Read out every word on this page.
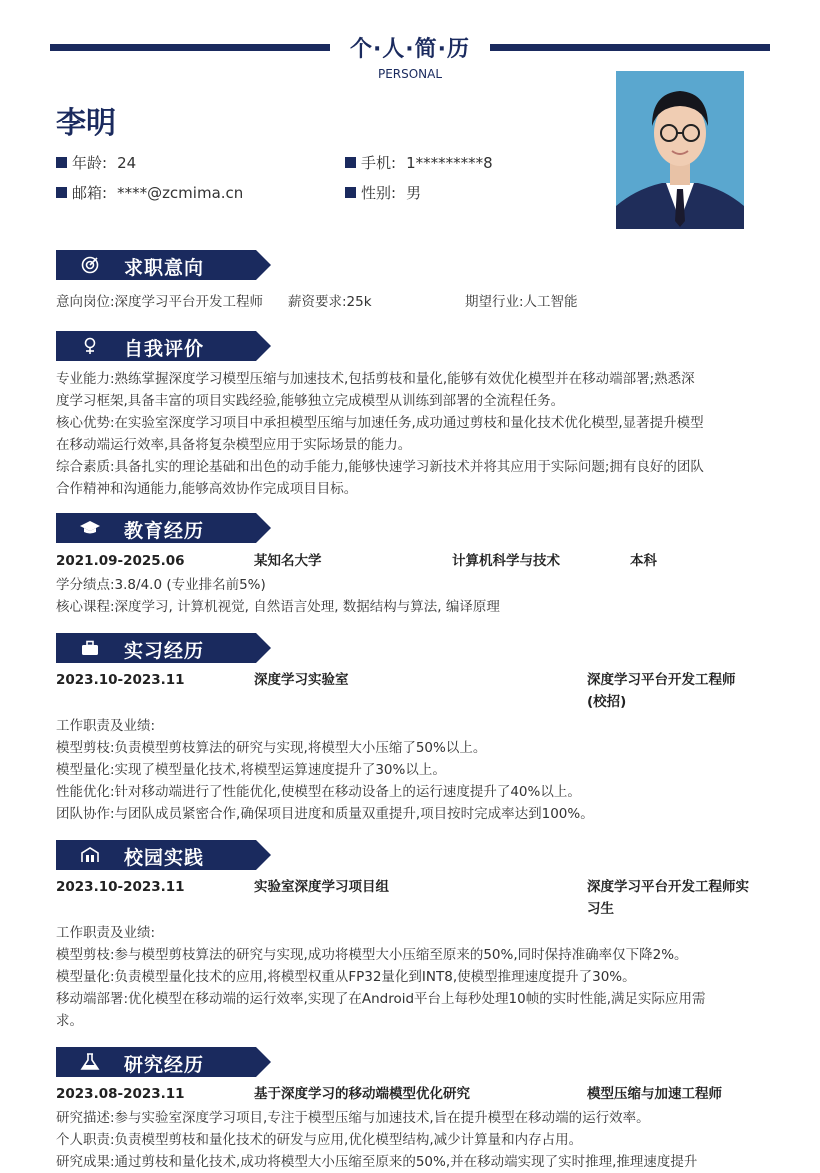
个·人·简·历
PERSONAL
李明
年龄: 24	手机: 1*********8
邮箱: ****@zcmima.cn	性别: 男
求职意向
意向岗位:深度学习平台开发工程师 薪资要求:25k	期望行业:人工智能
自我评价
专业能力:熟练掌握深度学习模型压缩与加速技术,包括剪枝和量化,能够有效优化模型并在移动端部署;熟悉深
度学习框架,具备丰富的项目实践经验,能够独立完成模型从训练到部署的全流程任务。
核心优势:在实验室深度学习项目中承担模型压缩与加速任务,成功通过剪枝和量化技术优化模型,显著提升模型
在移动端运行效率,具备将复杂模型应用于实际场景的能力。
综合素质:具备扎实的理论基础和出色的动手能力,能够快速学习新技术并将其应用于实际问题;拥有良好的团队
合作精神和沟通能力,能够高效协作完成项目目标。
教育经历
2021.09-2025.06	某知名大学	计算机科学与技术	本科
学分绩点:3.8/4.0 (专业排名前5%)
核心课程:深度学习, 计算机视觉, 自然语言处理, 数据结构与算法, 编译原理
实习经历
2023.10-2023.11	深度学习实验室	深度学习平台开发工程师
(校招)
工作职责及业绩:
模型剪枝:负责模型剪枝算法的研究与实现,将模型大小压缩了50%以上。
模型量化:实现了模型量化技术,将模型运算速度提升了30%以上。
性能优化:针对移动端进行了性能优化,使模型在移动设备上的运行速度提升了40%以上。
团队协作:与团队成员紧密合作,确保项目进度和质量双重提升,项目按时完成率达到100%。
校园实践
2023.10-2023.11	实验室深度学习项目组	深度学习平台开发工程师实
习生
工作职责及业绩:
模型剪枝:参与模型剪枝算法的研究与实现,成功将模型大小压缩至原来的50%,同时保持准确率仅下降2%。
模型量化:负责模型量化技术的应用,将模型权重从FP32量化到INT8,使模型推理速度提升了30%。
移动端部署:优化模型在移动端的运行效率,实现了在Android平台上每秒处理10帧的实时性能,满足实际应用需
求。
研究经历
2023.08-2023.11	基于深度学习的移动端模型优化研究	模型压缩与加速工程师
研究描述:参与实验室深度学习项目,专注于模型压缩与加速技术,旨在提升模型在移动端的运行效率。
个人职责:负责模型剪枝和量化技术的研发与应用,优化模型结构,减少计算量和内存占用。
研究成果:通过剪枝和量化技术,成功将模型大小压缩至原来的50%,并在移动端实现了实时推理,推理速度提升
